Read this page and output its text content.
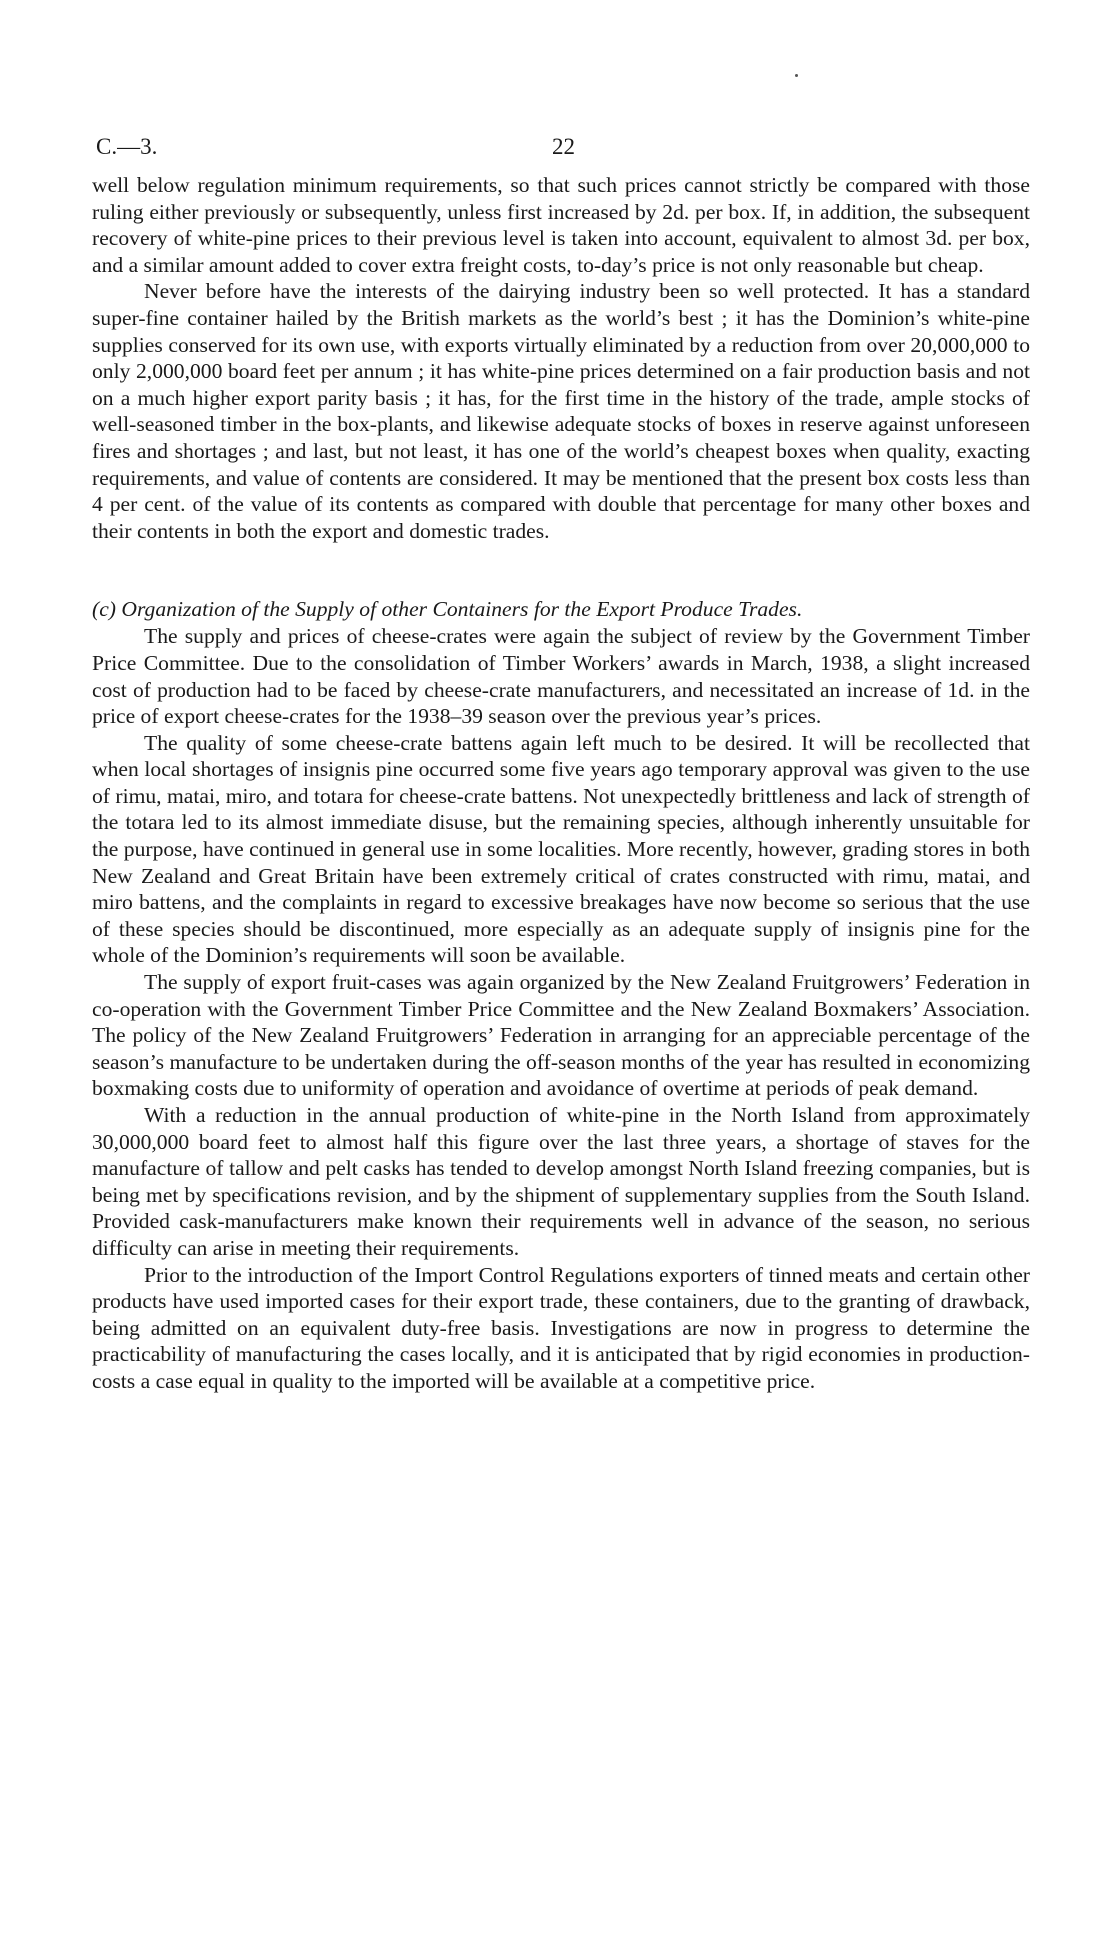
C.—3.	22

well below regulation minimum requirements, so that such prices cannot strictly be compared with those ruling either previously or subsequently, unless first increased by 2d. per box. If, in addition, the subsequent recovery of white-pine prices to their previous level is taken into account, equivalent to almost 3d. per box, and a similar amount added to cover extra freight costs, to-day’s price is not only reasonable but cheap.

Never before have the interests of the dairying industry been so well protected. It has a standard super-fine container hailed by the British markets as the world’s best ; it has the Dominion’s white-pine supplies conserved for its own use, with exports virtually eliminated by a reduction from over 20,000,000 to only 2,000,000 board feet per annum ; it has white-pine prices determined on a fair production basis and not on a much higher export parity basis ; it has, for the first time in the history of the trade, ample stocks of well-seasoned timber in the box-plants, and likewise adequate stocks of boxes in reserve against unforeseen fires and shortages ; and last, but not least, it has one of the world’s cheapest boxes when quality, exacting requirements, and value of contents are considered. It may be mentioned that the present box costs less than 4 per cent. of the value of its contents as compared with double that percentage for many other boxes and their contents in both the export and domestic trades.

(c) Organization of the Supply of other Containers for the Export Produce Trades.

The supply and prices of cheese-crates were again the subject of review by the Government Timber Price Committee. Due to the consolidation of Timber Workers’ awards in March, 1938, a slight increased cost of production had to be faced by cheese-crate manufacturers, and necessitated an increase of 1d. in the price of export cheese-crates for the 1938–39 season over the previous year’s prices.

The quality of some cheese-crate battens again left much to be desired. It will be recollected that when local shortages of insignis pine occurred some five years ago temporary approval was given to the use of rimu, matai, miro, and totara for cheese-crate battens. Not unexpectedly brittleness and lack of strength of the totara led to its almost immediate disuse, but the remaining species, although inherently unsuitable for the purpose, have continued in general use in some localities. More recently, however, grading stores in both New Zealand and Great Britain have been extremely critical of crates constructed with rimu, matai, and miro battens, and the complaints in regard to excessive breakages have now become so serious that the use of these species should be discontinued, more especially as an adequate supply of insignis pine for the whole of the Dominion’s requirements will soon be available.

The supply of export fruit-cases was again organized by the New Zealand Fruitgrowers’ Federation in co-operation with the Government Timber Price Committee and the New Zealand Boxmakers’ Association. The policy of the New Zealand Fruitgrowers’ Federation in arranging for an appreciable percentage of the season’s manufacture to be undertaken during the off-season months of the year has resulted in economizing boxmaking costs due to uniformity of operation and avoidance of overtime at periods of peak demand.

With a reduction in the annual production of white-pine in the North Island from approximately 30,000,000 board feet to almost half this figure over the last three years, a shortage of staves for the manufacture of tallow and pelt casks has tended to develop amongst North Island freezing companies, but is being met by specifications revision, and by the shipment of supplementary supplies from the South Island. Provided cask-manufacturers make known their requirements well in advance of the season, no serious difficulty can arise in meeting their requirements.

Prior to the introduction of the Import Control Regulations exporters of tinned meats and certain other products have used imported cases for their export trade, these containers, due to the granting of drawback, being admitted on an equivalent duty-free basis. Investigations are now in progress to determine the practicability of manufacturing the cases locally, and it is anticipated that by rigid economies in production-costs a case equal in quality to the imported will be available at a competitive price.
